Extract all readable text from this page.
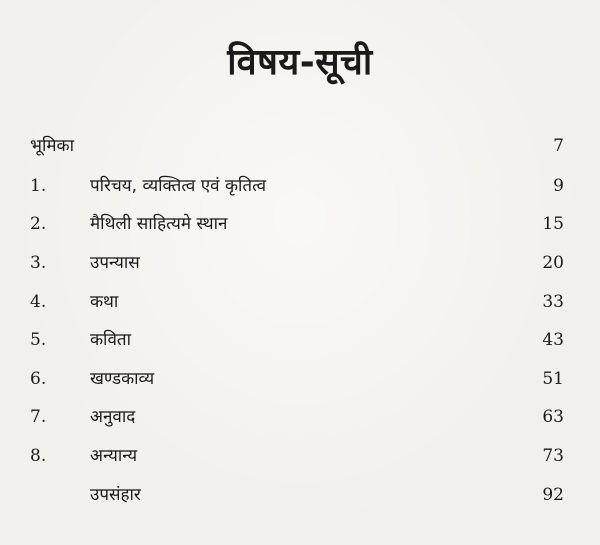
विषय-सूची
भूमिका	7
1.	परिचय, व्यक्तित्व एवं कृतित्व	9
2.	मैथिली साहित्यमे स्थान	15
3.	उपन्यास	20
4.	कथा	33
5.	कविता	43
6.	खण्डकाव्य	51
7.	अनुवाद	63
8.	अन्यान्य	73
उपसंहार	92
